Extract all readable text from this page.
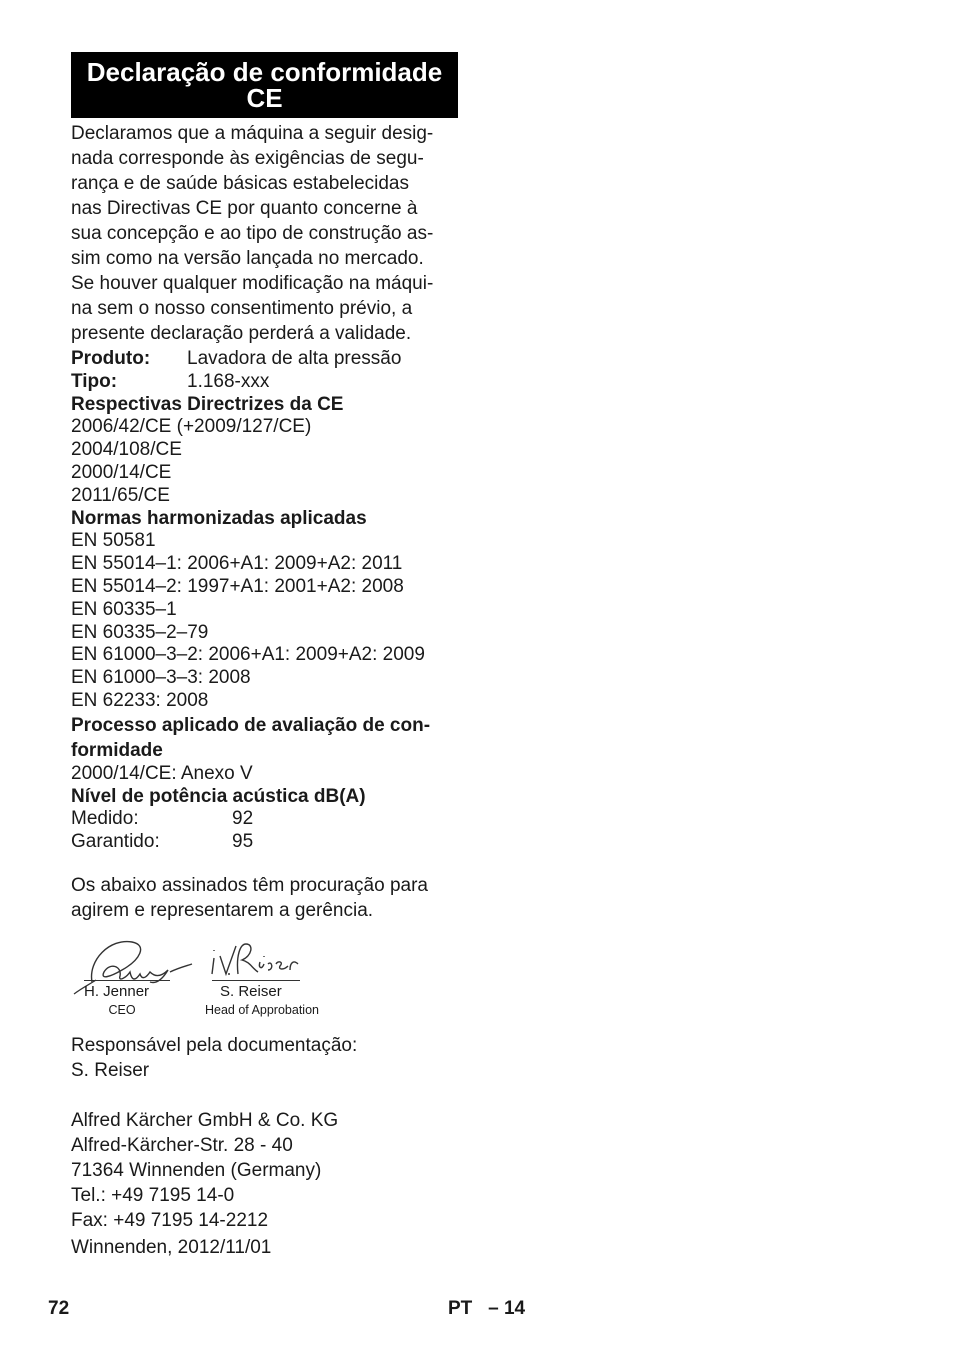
Declaração de conformidade
CE
Declaramos que a máquina a seguir desig-
nada corresponde às exigências de segu-
rança e de saúde básicas estabelecidas
nas Directivas CE por quanto concerne à
sua concepção e ao tipo de construção as-
sim como na versão lançada no mercado.
Se houver qualquer modificação na máqui-
na sem o nosso consentimento prévio, a
presente declaração perderá a validade.
Produto: Lavadora de alta pressão
Tipo:	1.168-xxx
Respectivas Directrizes da CE
2006/42/CE (+2009/127/CE)
2004/108/CE
2000/14/CE
2011/65/CE
Normas harmonizadas aplicadas
EN 50581
EN 55014–1: 2006+A1: 2009+A2: 2011
EN 55014–2: 1997+A1: 2001+A2: 2008
EN 60335–1
EN 60335–2–79
EN 61000–3–2: 2006+A1: 2009+A2: 2009
EN 61000–3–3: 2008
EN 62233: 2008
Processo aplicado de avaliação de con-
formidade
2000/14/CE: Anexo V
Nível de potência acústica dB(A)
Medido:	92
Garantido:	95
Os abaixo assinados têm procuração para
agirem e representarem a gerência.
H. Jenner
CEO
S. Reiser
Head of Approbation
Responsável pela documentação:
S. Reiser
Alfred Kärcher GmbH & Co. KG
Alfred-Kärcher-Str. 28 - 40
71364 Winnenden (Germany)
Tel.: +49 7195 14-0
Fax: +49 7195 14-2212
Winnenden, 2012/11/01
72	PT   – 14
